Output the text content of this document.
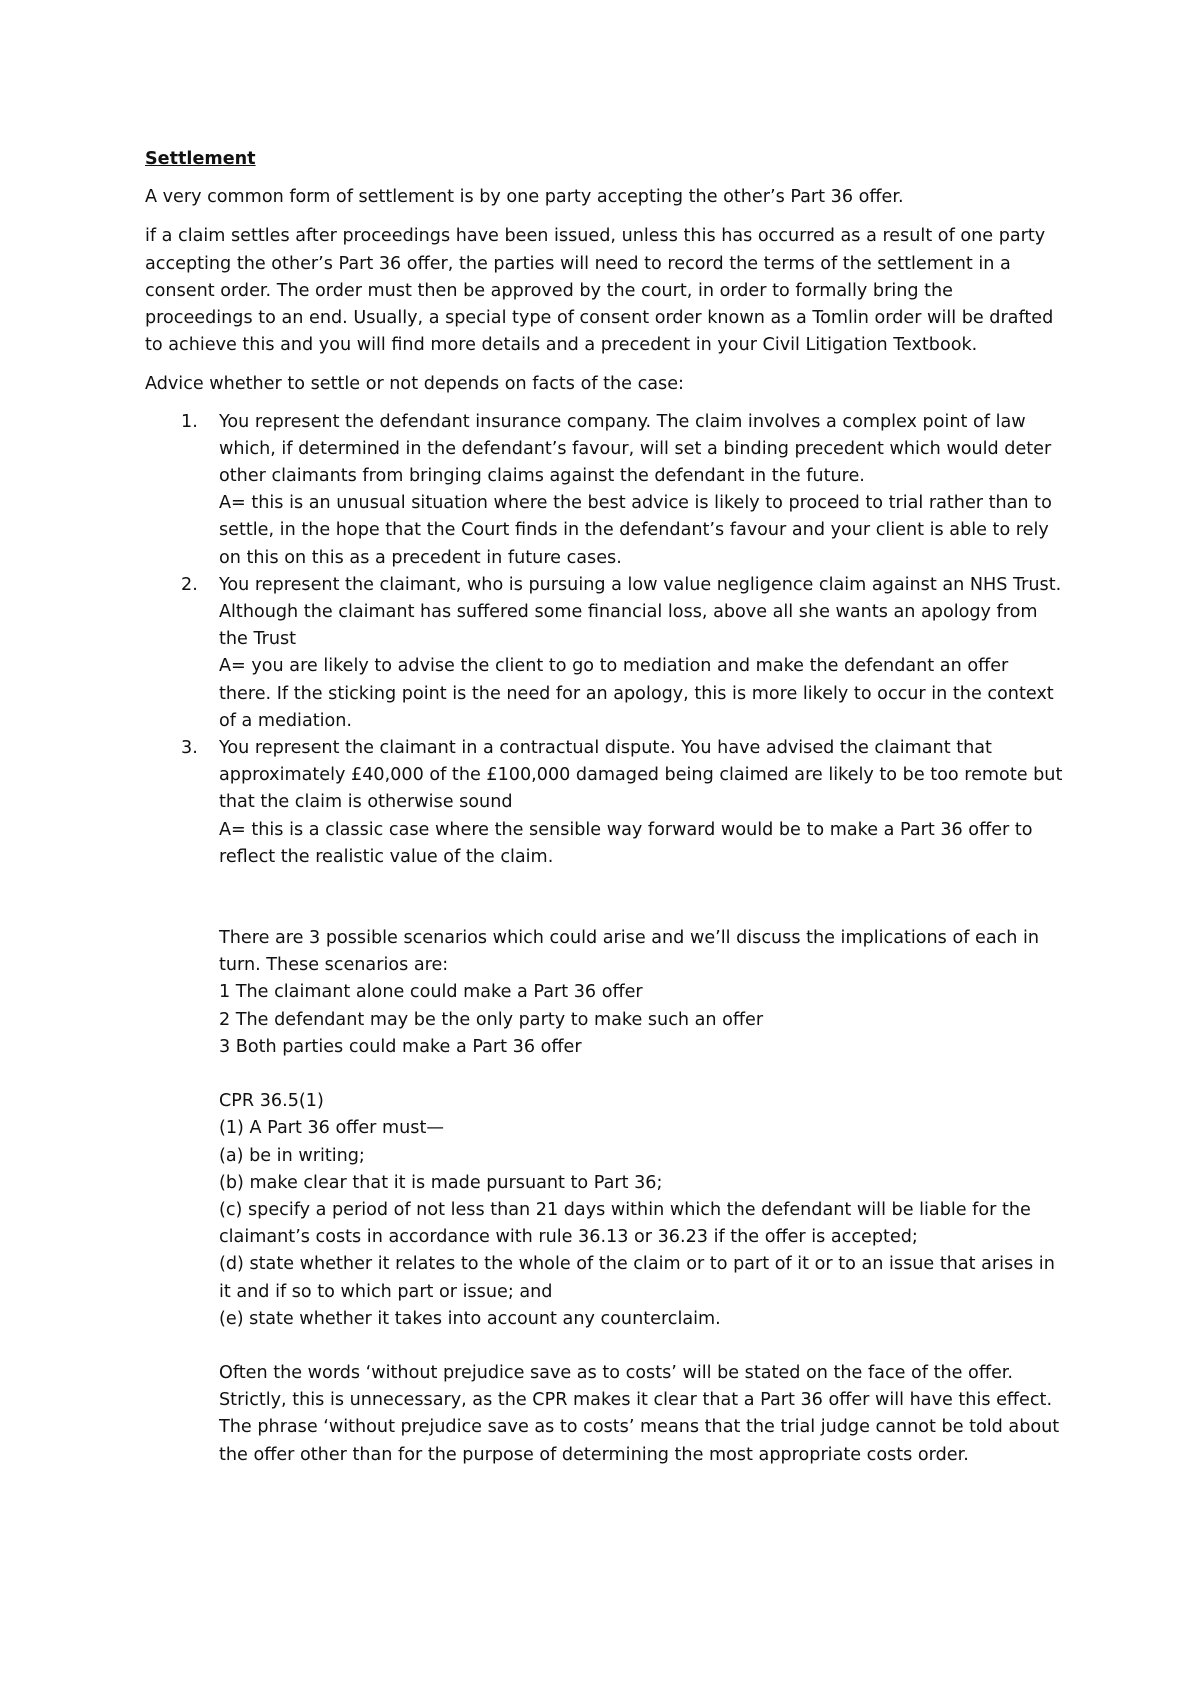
Settlement

A very common form of settlement is by one party accepting the other’s Part 36 offer.

if a claim settles after proceedings have been issued, unless this has occurred as a result of one party accepting the other’s Part 36 offer, the parties will need to record the terms of the settlement in a consent order. The order must then be approved by the court, in order to formally bring the proceedings to an end. Usually, a special type of consent order known as a Tomlin order will be drafted to achieve this and you will find more details and a precedent in your Civil Litigation Textbook.

Advice whether to settle or not depends on facts of the case:

1. You represent the defendant insurance company. The claim involves a complex point of law which, if determined in the defendant’s favour, will set a binding precedent which would deter other claimants from bringing claims against the defendant in the future.
A= this is an unusual situation where the best advice is likely to proceed to trial rather than to settle, in the hope that the Court finds in the defendant’s favour and your client is able to rely on this on this as a precedent in future cases.
2. You represent the claimant, who is pursuing a low value negligence claim against an NHS Trust. Although the claimant has suffered some financial loss, above all she wants an apology from the Trust
A= you are likely to advise the client to go to mediation and make the defendant an offer there. If the sticking point is the need for an apology, this is more likely to occur in the context of a mediation.
3. You represent the claimant in a contractual dispute. You have advised the claimant that approximately £40,000 of the £100,000 damaged being claimed are likely to be too remote but that the claim is otherwise sound
A= this is a classic case where the sensible way forward would be to make a Part 36 offer to reflect the realistic value of the claim.

There are 3 possible scenarios which could arise and we’ll discuss the implications of each in turn. These scenarios are:

1 The claimant alone could make a Part 36 offer

2 The defendant may be the only party to make such an offer

3 Both parties could make a Part 36 offer

CPR 36.5(1)

(1) A Part 36 offer must—

(a) be in writing;

(b) make clear that it is made pursuant to Part 36;

(c) specify a period of not less than 21 days within which the defendant will be liable for the claimant’s costs in accordance with rule 36.13 or 36.23 if the offer is accepted;

(d) state whether it relates to the whole of the claim or to part of it or to an issue that arises in it and if so to which part or issue; and

(e) state whether it takes into account any counterclaim.

Often the words ‘without prejudice save as to costs’ will be stated on the face of the offer. Strictly, this is unnecessary, as the CPR makes it clear that a Part 36 offer will have this effect. The phrase ‘without prejudice save as to costs’ means that the trial judge cannot be told about the offer other than for the purpose of determining the most appropriate costs order.
